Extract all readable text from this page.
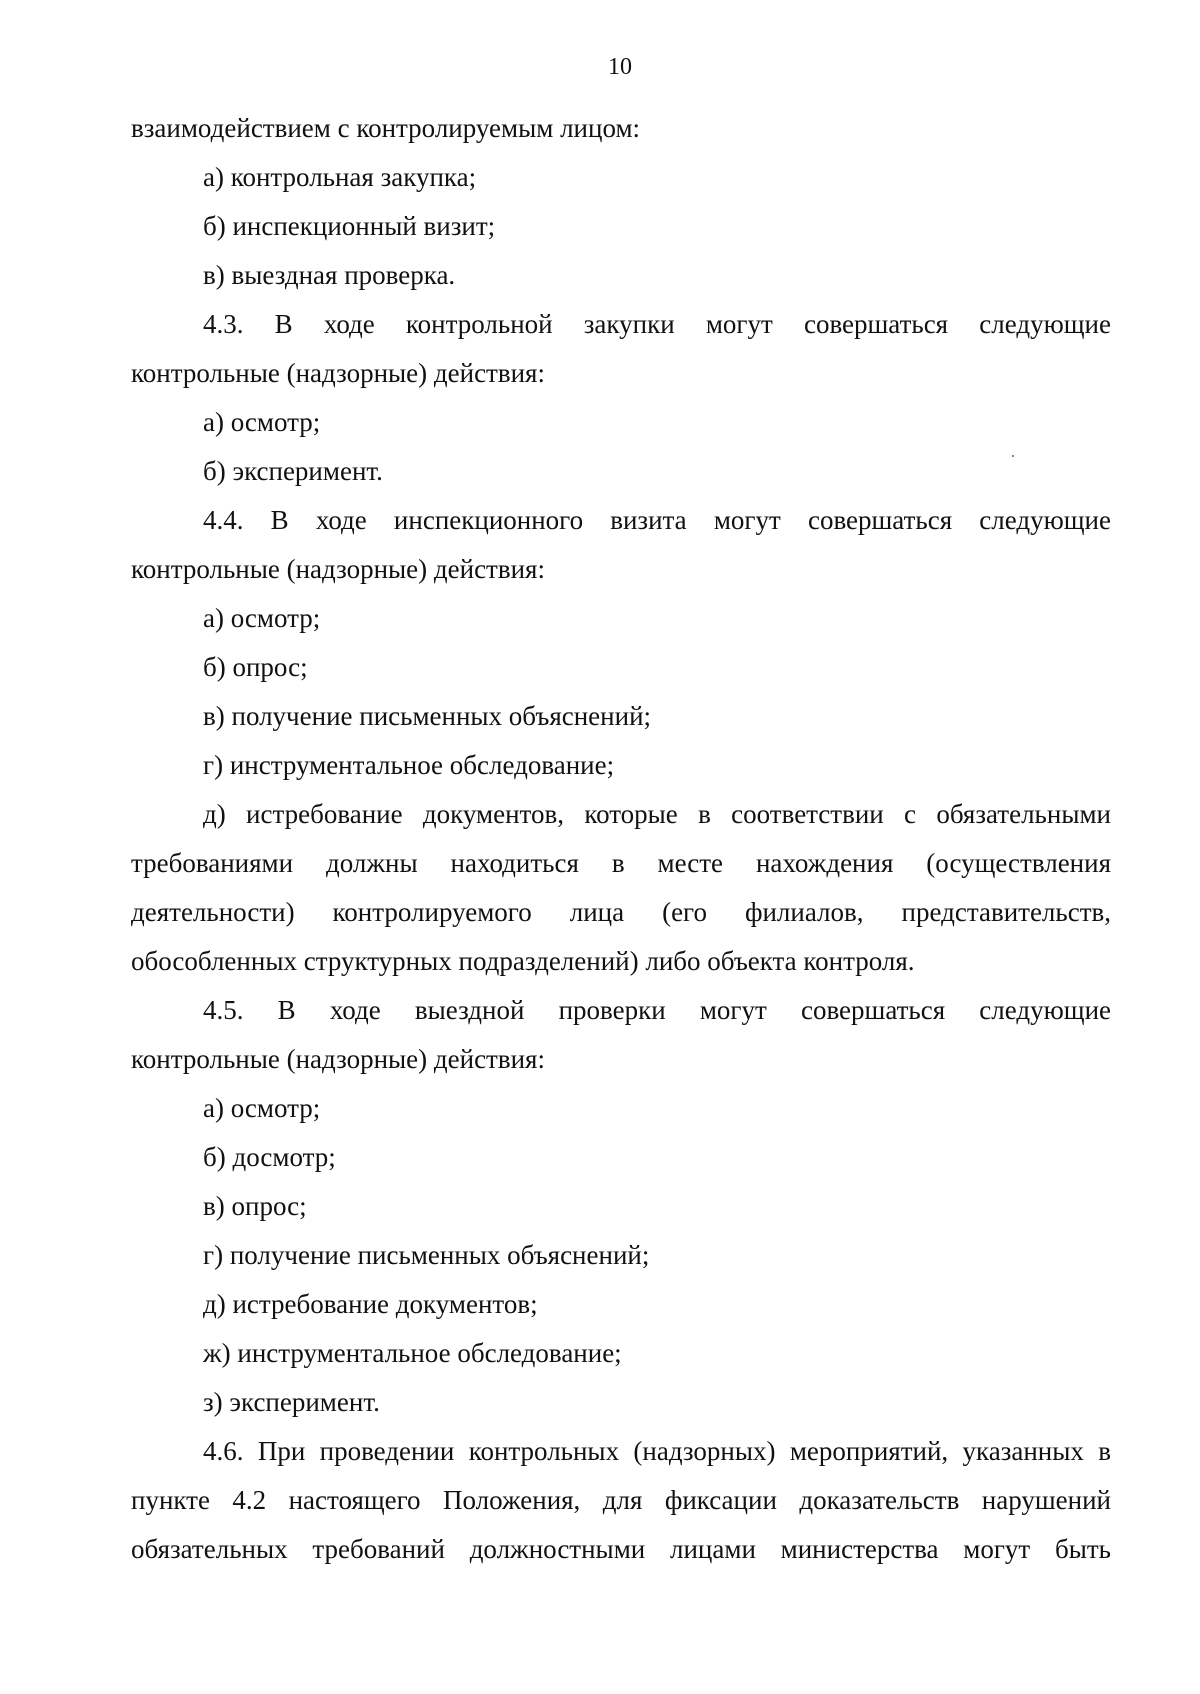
10
взаимодействием с контролируемым лицом:
а) контрольная закупка;
б) инспекционный визит;
в) выездная проверка.
4.3. В ходе контрольной закупки могут совершаться следующие
контрольные (надзорные) действия:
а) осмотр;
б) эксперимент.
4.4. В ходе инспекционного визита могут совершаться следующие
контрольные (надзорные) действия:
а) осмотр;
б) опрос;
в) получение письменных объяснений;
г) инструментальное обследование;
д) истребование документов, которые в соответствии с обязательными
требованиями должны находиться в месте нахождения (осуществления
деятельности) контролируемого лица (его филиалов, представительств,
обособленных структурных подразделений) либо объекта контроля.
4.5. В ходе выездной проверки могут совершаться следующие
контрольные (надзорные) действия:
а) осмотр;
б) досмотр;
в) опрос;
г) получение письменных объяснений;
д) истребование документов;
ж) инструментальное обследование;
з) эксперимент.
4.6. При проведении контрольных (надзорных) мероприятий, указанных в
пункте 4.2 настоящего Положения, для фиксации доказательств нарушений
обязательных требований должностными лицами министерства могут быть
